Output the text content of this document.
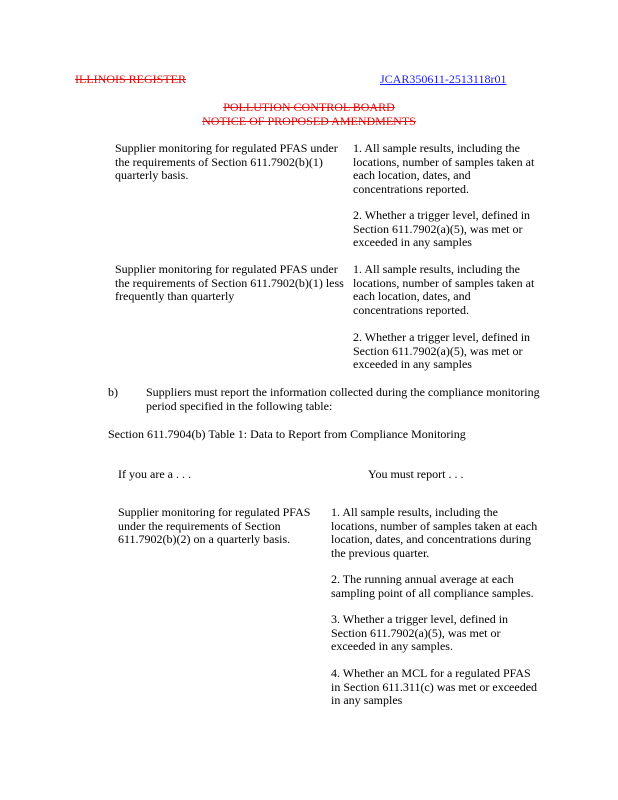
ILLINOIS REGISTER	JCAR350611-2513118r01
POLLUTION CONTROL BOARD
NOTICE OF PROPOSED AMENDMENTS
Supplier monitoring for regulated PFAS under
the requirements of Section 611.7902(b)(1)
quarterly basis.
1. All sample results, including the
locations, number of samples taken at
each location, dates, and
concentrations reported.
2. Whether a trigger level, defined in
Section 611.7902(a)(5), was met or
exceeded in any samples
Supplier monitoring for regulated PFAS under
the requirements of Section 611.7902(b)(1) less
frequently than quarterly
1. All sample results, including the
locations, number of samples taken at
each location, dates, and
concentrations reported.
2. Whether a trigger level, defined in
Section 611.7902(a)(5), was met or
exceeded in any samples
b) Suppliers must report the information collected during the compliance monitoring
period specified in the following table:
Section 611.7904(b) Table 1: Data to Report from Compliance Monitoring
If you are a . . .	You must report . . .
Supplier monitoring for regulated PFAS
under the requirements of Section
611.7902(b)(2) on a quarterly basis.
1. All sample results, including the
locations, number of samples taken at each
location, dates, and concentrations during
the previous quarter.
2. The running annual average at each
sampling point of all compliance samples.
3. Whether a trigger level, defined in
Section 611.7902(a)(5), was met or
exceeded in any samples.
4. Whether an MCL for a regulated PFAS
in Section 611.311(c) was met or exceeded
in any samples
